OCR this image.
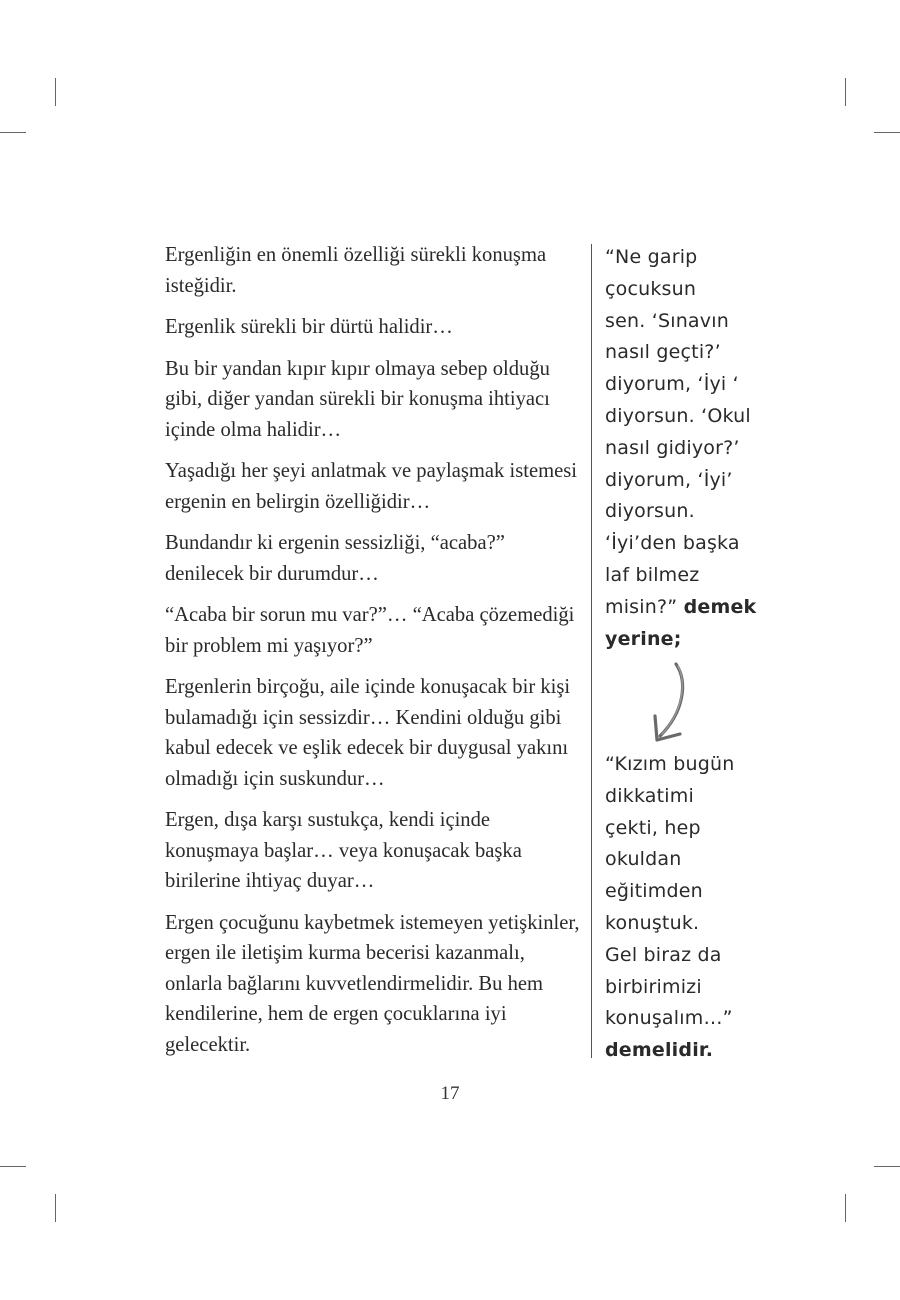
Ergenliğin en önemli özelliği sürekli konuşma isteğidir.

Ergenlik sürekli bir dürtü halidir…

Bu bir yandan kıpır kıpır olmaya sebep olduğu gibi, diğer yandan sürekli bir konuşma ihtiyacı içinde olma halidir…

Yaşadığı her şeyi anlatmak ve paylaşmak istemesi ergenin en belirgin özelliğidir…

Bundandır ki ergenin sessizliği, “acaba?” denilecek bir durumdur…

“Acaba bir sorun mu var?”… “Acaba çözemediği bir problem mi yaşıyor?”

Ergenlerin birçoğu, aile içinde konuşacak bir kişi bulamadığı için sessizdir… Kendini olduğu gibi kabul edecek ve eşlik edecek bir duygusal yakını olmadığı için suskundur…

Ergen, dışa karşı sustukça, kendi içinde konuşmaya başlar… veya konuşacak başka birilerine ihtiyaç duyar…

Ergen çocuğunu kaybetmek istemeyen yetişkinler, ergen ile iletişim kurma becerisi kazanmalı, onlarla bağlarını kuvvetlendirmelidir. Bu hem kendilerine, hem de ergen çocuklarına iyi gelecektir.

“Ne garip
çocuksun
sen. ‘Sınavın
nasıl geçti?’
diyorum, ‘İyi ‘
diyorsun. ‘Okul
nasıl gidiyor?’
diyorum, ‘İyi’
diyorsun.
‘İyi’den başka
laf bilmez
misin?” demek
yerine;
“Kızım bugün
dikkatimi
çekti, hep
okuldan
eğitimden
konuştuk.
Gel biraz da
birbirimizi
konuşalım…”
demelidir.
17
